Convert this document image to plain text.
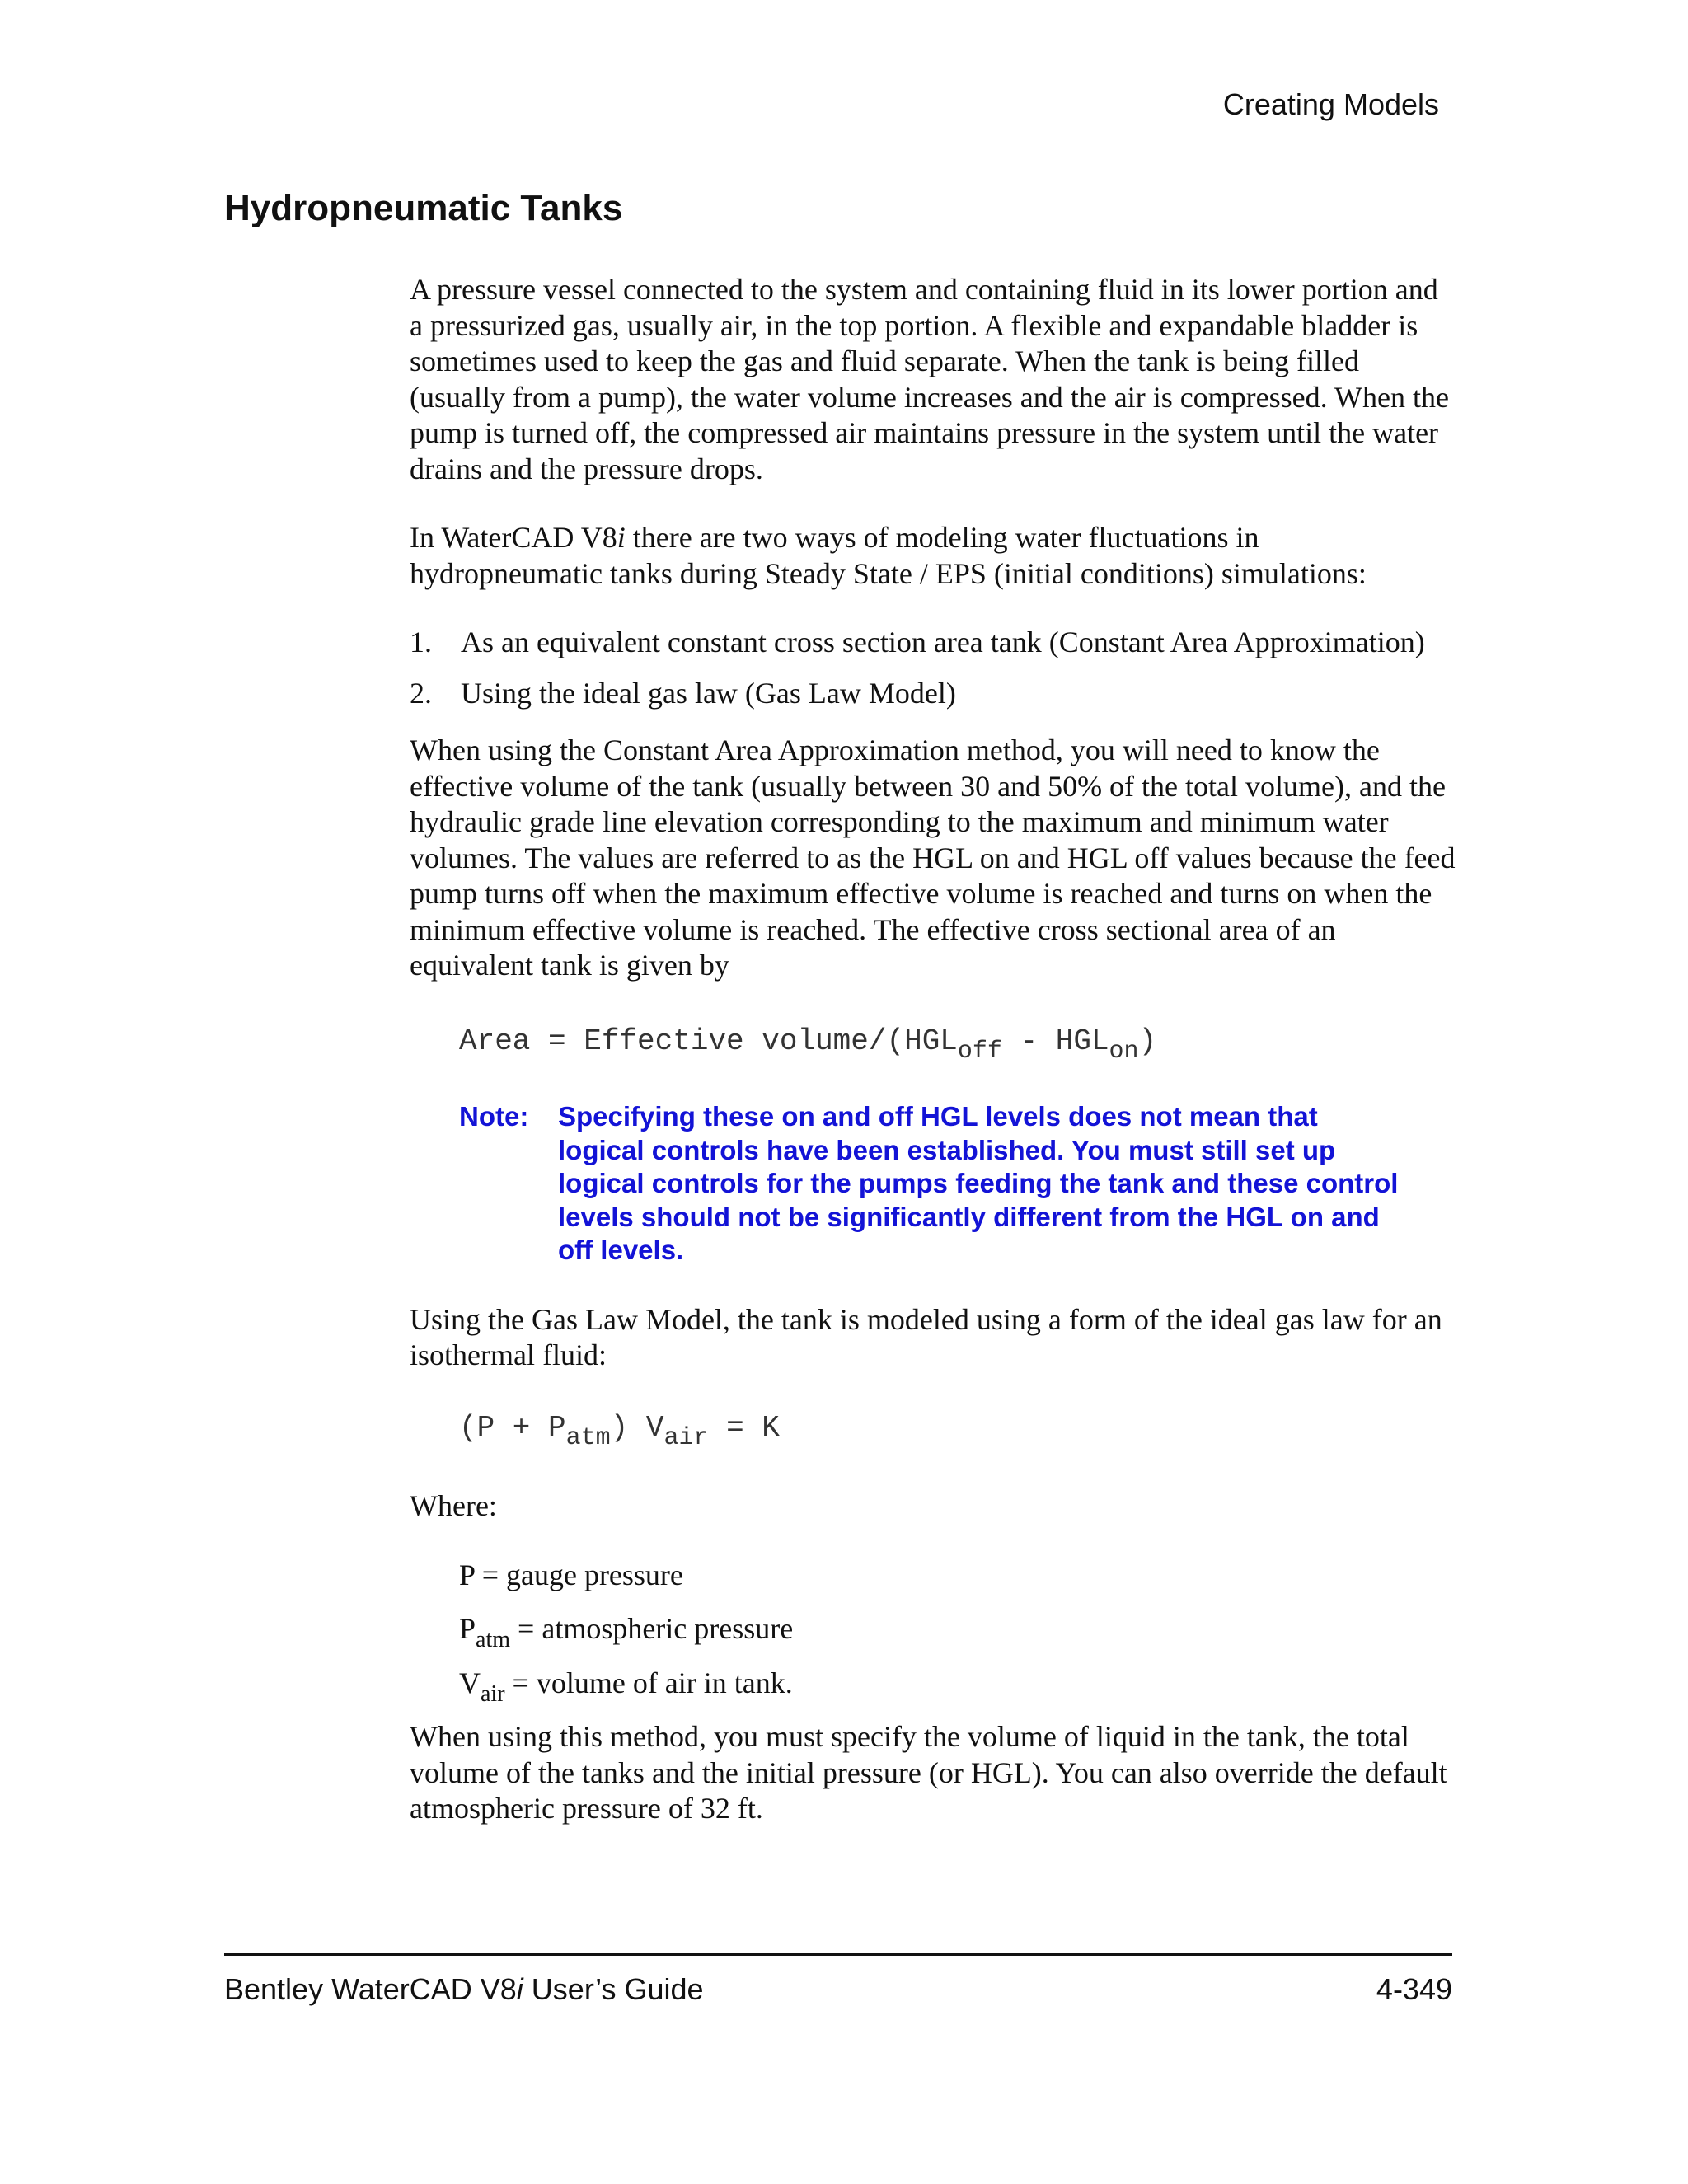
Creating Models
Hydropneumatic Tanks

A pressure vessel connected to the system and containing fluid in its lower portion and a pressurized gas, usually air, in the top portion. A flexible and expandable bladder is sometimes used to keep the gas and fluid separate. When the tank is being filled (usually from a pump), the water volume increases and the air is compressed. When the pump is turned off, the compressed air maintains pressure in the system until the water drains and the pressure drops.

In WaterCAD V8i there are two ways of modeling water fluctuations in hydropneumatic tanks during Steady State / EPS (initial conditions) simulations:

1. As an equivalent constant cross section area tank (Constant Area Approximation)
2. Using the ideal gas law (Gas Law Model)

When using the Constant Area Approximation method, you will need to know the effective volume of the tank (usually between 30 and 50% of the total volume), and the hydraulic grade line elevation corresponding to the maximum and minimum water volumes. The values are referred to as the HGL on and HGL off values because the feed pump turns off when the maximum effective volume is reached and turns on when the minimum effective volume is reached. The effective cross sectional area of an equivalent tank is given by

Area = Effective volume/$(HGL_{off} - HGL_{on})$
Note:	Specifying these on and off HGL levels does not mean that logical controls have been established. You must still set up logical controls for the pumps feeding the tank and these control levels should not be significantly different from the HGL on and off levels.

Using the Gas Law Model, the tank is modeled using a form of the ideal gas law for an isothermal fluid:

$(P + P_{atm})$ $V_{air} = K$

Where:

P = gauge pressure
$P_{atm}$ = atmospheric pressure
$V_{air}$ = volume of air in tank.

When using this method, you must specify the volume of liquid in the tank, the total volume of the tanks and the initial pressure (or HGL). You can also override the default atmospheric pressure of 32 ft.

Bentley WaterCAD V8i User’s Guide	4-349
